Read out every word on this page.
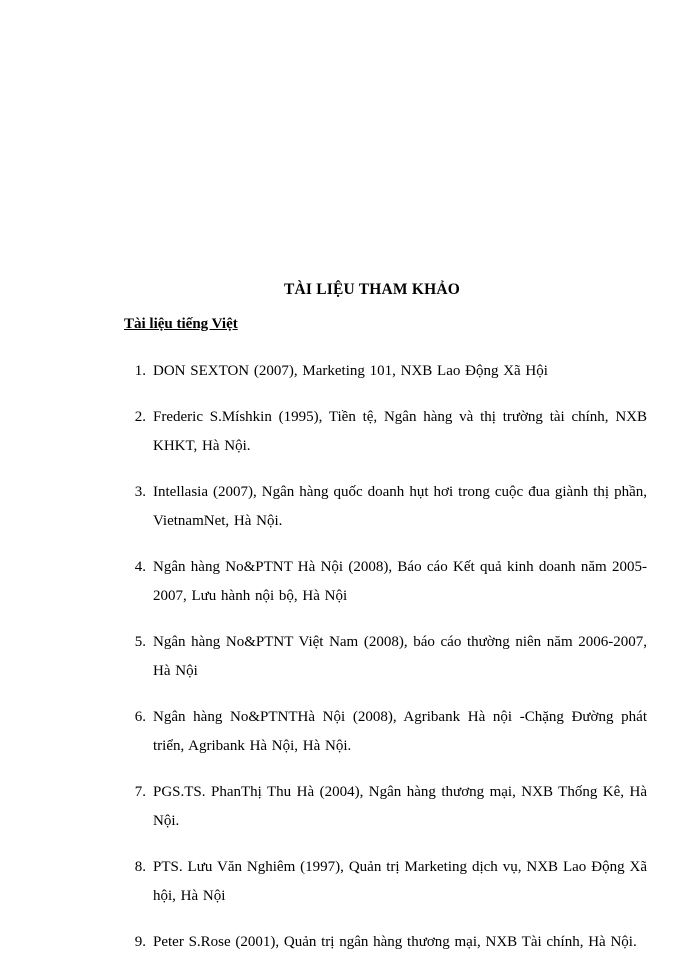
TÀI LIỆU THAM KHẢO
Tài liệu tiếng Việt
1. DON SEXTON (2007), Marketing 101, NXB Lao Động Xã Hội
2. Frederic S.Míshkin (1995), Tiền tệ, Ngân hàng và thị trường tài chính, NXB KHKT, Hà Nội.
3. Intellasia (2007), Ngân hàng quốc doanh hụt hơi trong cuộc đua giành thị phần, VietnamNet, Hà Nội.
4. Ngân hàng No&PTNT Hà Nội (2008), Báo cáo Kết quả kinh doanh năm 2005-2007, Lưu hành nội bộ, Hà Nội
5. Ngân hàng No&PTNT Việt Nam (2008), báo cáo thường niên năm 2006-2007, Hà Nội
6. Ngân hàng No&PTNTHà Nội (2008), Agribank Hà nội -Chặng Đường phát triển, Agribank Hà Nội, Hà Nội.
7. PGS.TS. PhanThị Thu Hà (2004), Ngân hàng thương mại, NXB Thống Kê, Hà Nội.
8. PTS. Lưu Văn Nghiêm (1997), Quản trị Marketing dịch vụ, NXB Lao Động Xã hội, Hà Nội
9. Peter S.Rose (2001), Quản trị ngân hàng thương mại, NXB Tài chính, Hà Nội.
